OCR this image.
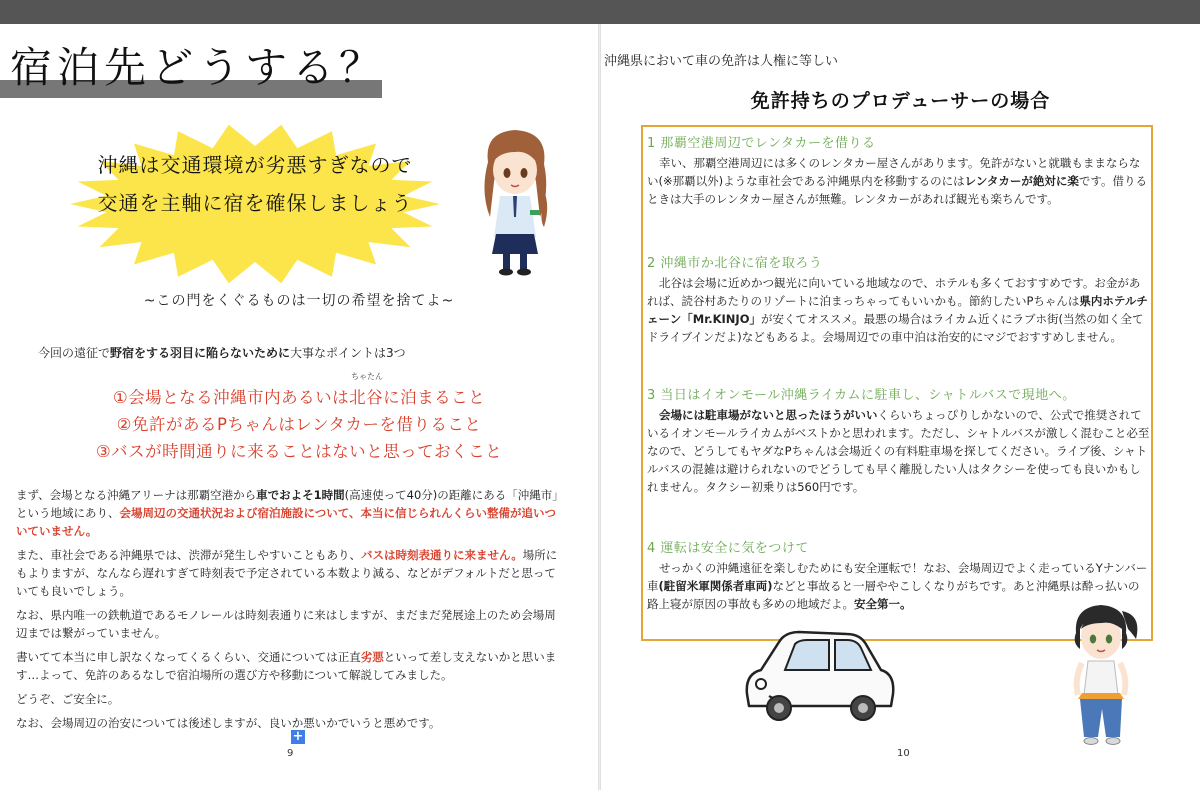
宿泊先どうする？
沖縄は交通環境が劣悪すぎなので
交通を主軸に宿を確保しましょう
~この門をくぐるものは一切の希望を捨てよ~
今回の遠征で野宿をする羽目に陥らないために大事なポイントは3つ
ちゃたん
①会場となる沖縄市内あるいは北谷に泊まること
②免許があるPちゃんはレンタカーを借りること
③バスが時間通りに来ることはないと思っておくこと

まず、会場となる沖縄アリーナは那覇空港から車でおよそ1時間(高速使って40分)の距離にある「沖縄市」という地域にあり、会場周辺の交通状況および宿泊施設について、本当に信じられんくらい整備が追いついていません。

また、車社会である沖縄県では、渋滞が発生しやすいこともあり、バスは時刻表通りに来ません。場所にもよりますが、なんなら遅れすぎて時刻表で予定されている本数より減る、などがデフォルトだと思っていても良いでしょう。

なお、県内唯一の鉄軌道であるモノレールは時刻表通りに来はしますが、まだまだ発展途上のため会場周辺までは繋がっていません。

書いてて本当に申し訳なくなってくるくらい、交通については正直劣悪といって差し支えないかと思います…よって、免許のあるなしで宿泊場所の選び方や移動について解説してみました。

どうぞ、ご安全に。

なお、会場周辺の治安については後述しますが、良いか悪いかでいうと悪めです。

+
9
沖縄県において車の免許は人権に等しい
免許持ちのプロデューサーの場合
1 那覇空港周辺でレンタカーを借りる

幸い、那覇空港周辺には多くのレンタカー屋さんがあります。免許がないと就職もままならない(※那覇以外)ような車社会である沖縄県内を移動するのにはレンタカーが絶対に楽です。借りるときは大手のレンタカー屋さんが無難。レンタカーがあれば観光も楽ちんです。

2 沖縄市か北谷に宿を取ろう

北谷は会場に近めかつ観光に向いている地域なので、ホテルも多くておすすめです。お金があれば、読谷村あたりのリゾートに泊まっちゃってもいいかも。節約したいPちゃんは県内ホテルチェーン「Mr.KINJO」が安くてオススメ。最悪の場合はライカム近くにラブホ街(当然の如く全てドライブインだよ)などもあるよ。会場周辺での車中泊は治安的にマジでおすすめしません。

3 当日はイオンモール沖縄ライカムに駐車し、シャトルバスで現地へ。

会場には駐車場がないと思ったほうがいいくらいちょっぴりしかないので、公式で推奨されているイオンモールライカムがベストかと思われます。ただし、シャトルバスが激しく混むこと必至なので、どうしてもヤダなPちゃんは会場近くの有料駐車場を探してください。ライブ後、シャトルバスの混雑は避けられないのでどうしても早く離脱したい人はタクシーを使っても良いかもしれません。タクシー初乗りは560円です。

4 運転は安全に気をつけて

せっかくの沖縄遠征を楽しむためにも安全運転で！なお、会場周辺でよく走っているYナンバー車(駐留米軍関係者車両)などと事故ると一層ややこしくなりがちです。あと沖縄県は酔っ払いの路上寝が原因の事故も多めの地域だよ。安全第一。

10
